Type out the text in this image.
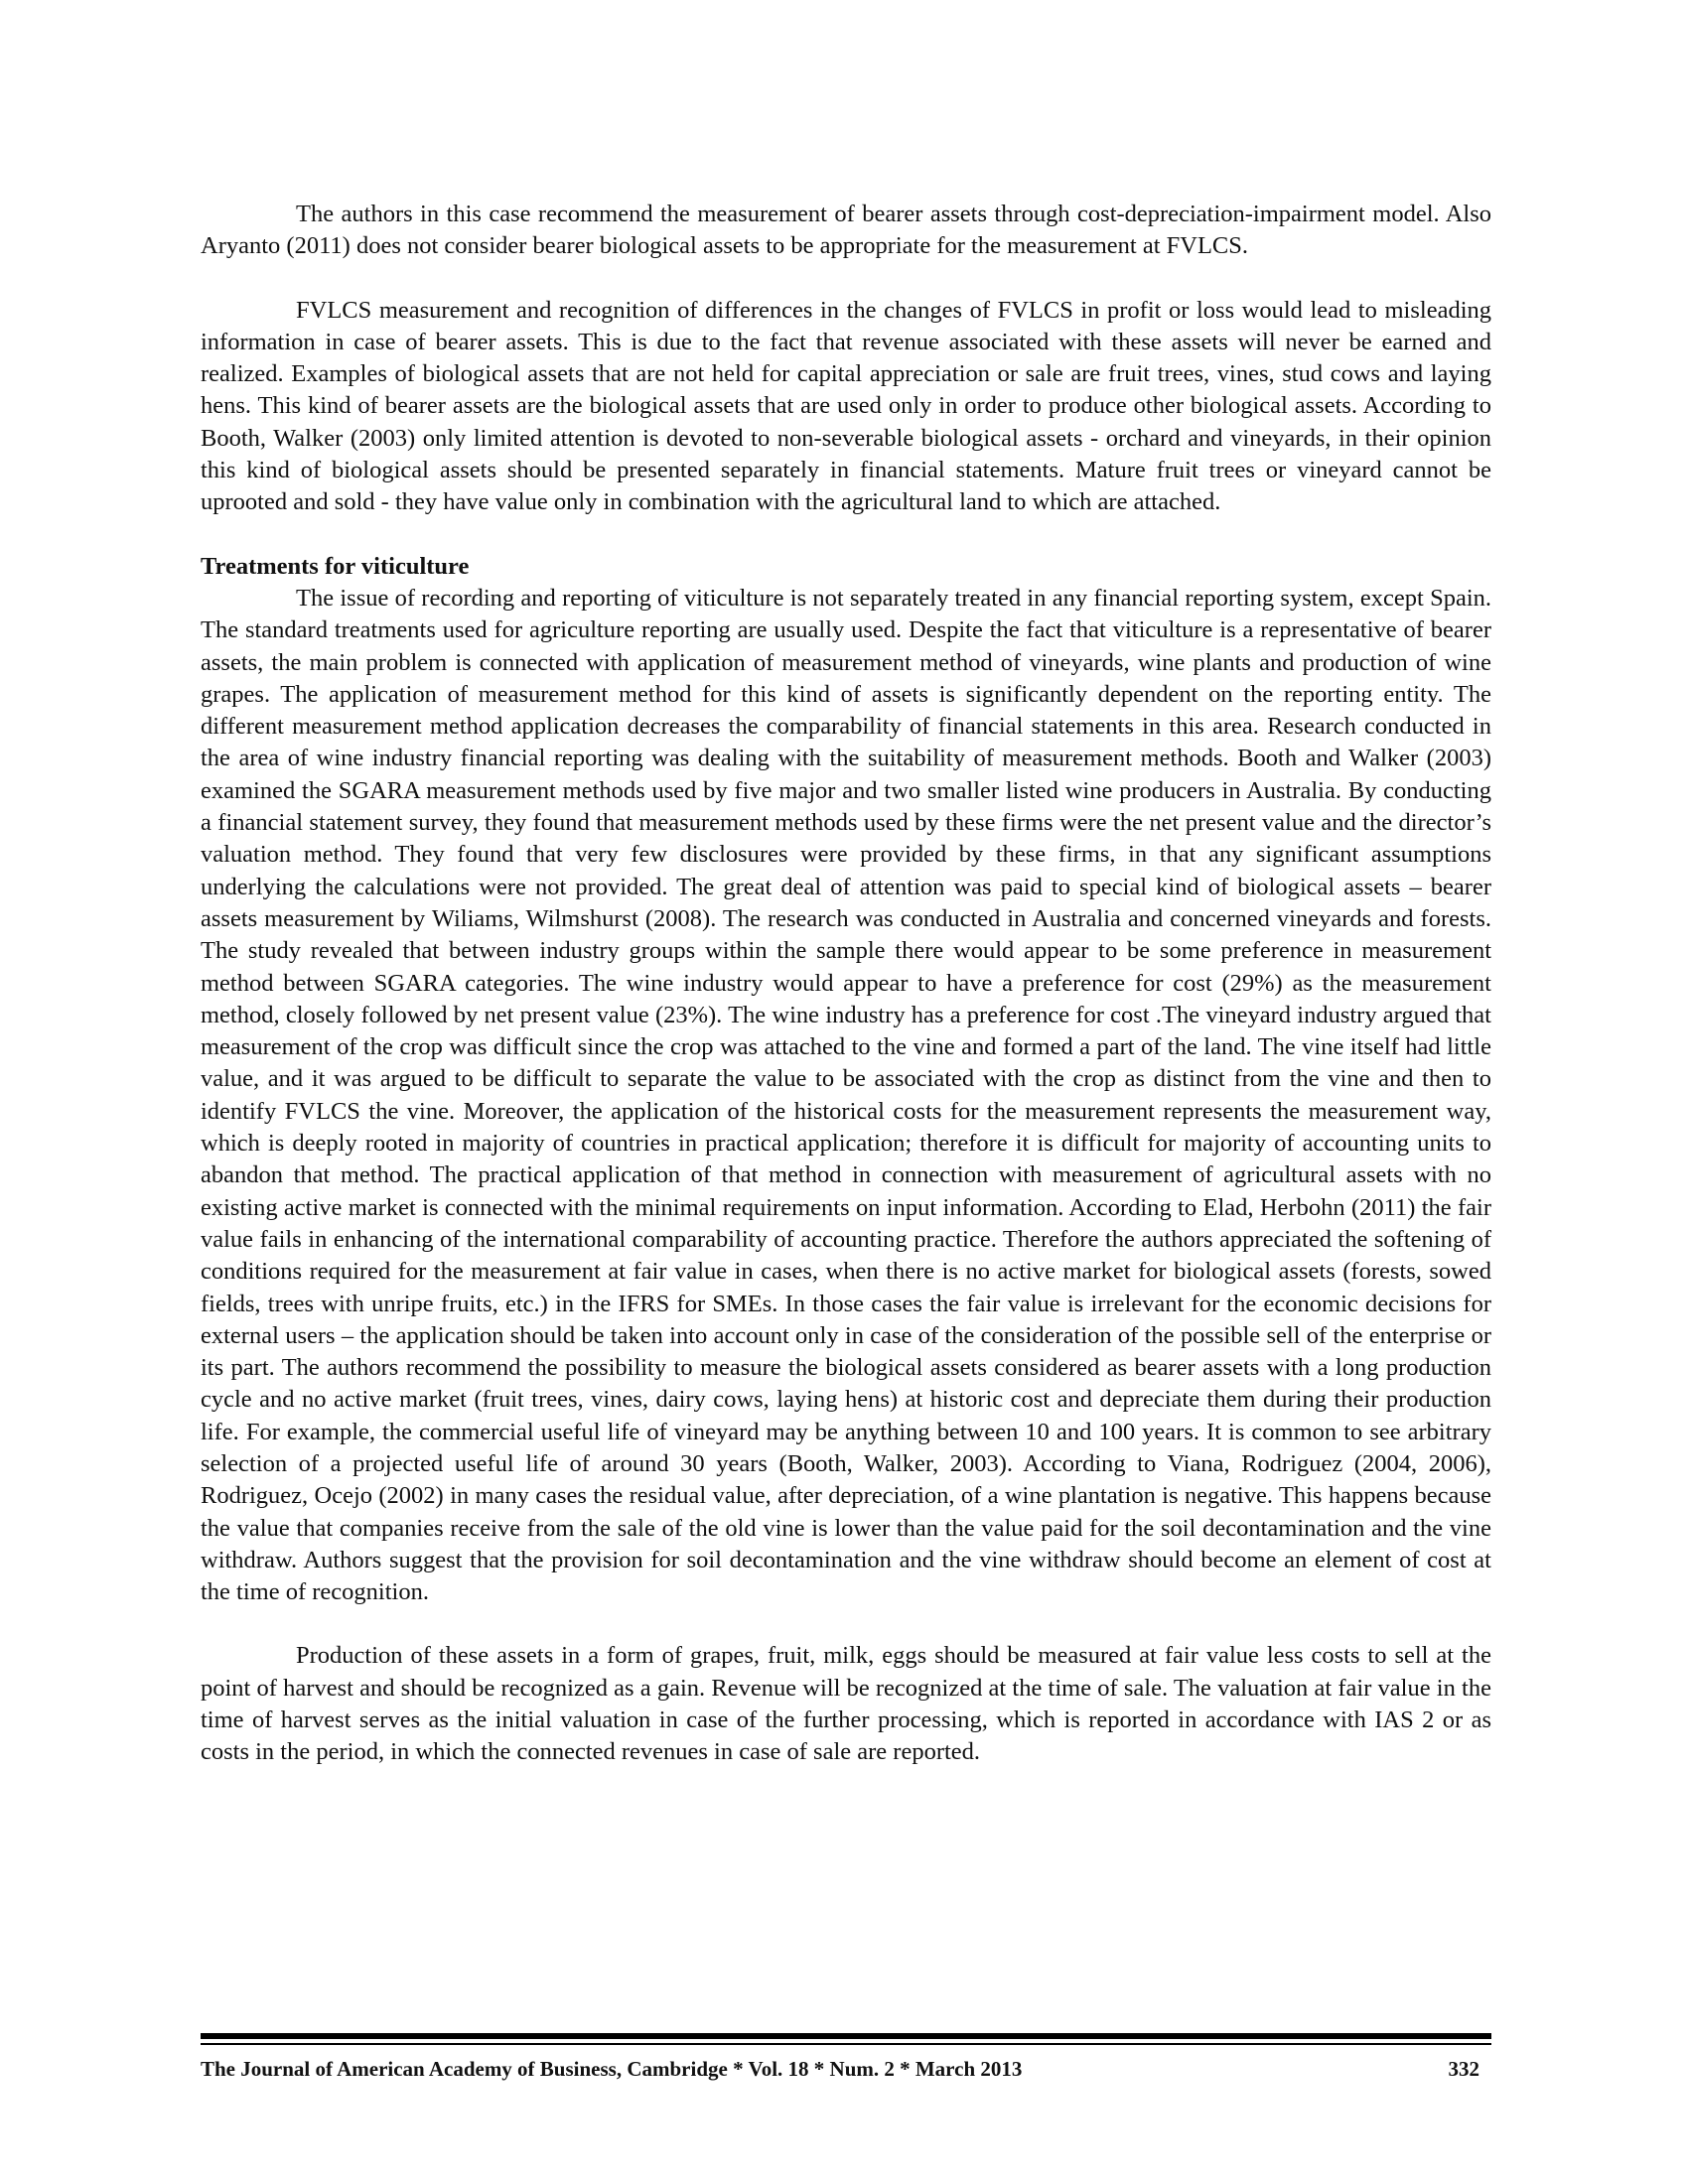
The authors in this case recommend the measurement of bearer assets through cost-depreciation-impairment model. Also Aryanto (2011) does not consider bearer biological assets to be appropriate for the measurement at FVLCS.

FVLCS measurement and recognition of differences in the changes of FVLCS in profit or loss would lead to misleading information in case of bearer assets. This is due to the fact that revenue associated with these assets will never be earned and realized. Examples of biological assets that are not held for capital appreciation or sale are fruit trees, vines, stud cows and laying hens. This kind of bearer assets are the biological assets that are used only in order to produce other biological assets. According to Booth, Walker (2003) only limited attention is devoted to non-severable biological assets - orchard and vineyards, in their opinion this kind of biological assets should be presented separately in financial statements. Mature fruit trees or vineyard cannot be uprooted and sold - they have value only in combination with the agricultural land to which are attached.

Treatments for viticulture

The issue of recording and reporting of viticulture is not separately treated in any financial reporting system, except Spain. The standard treatments used for agriculture reporting are usually used. Despite the fact that viticulture is a representative of bearer assets, the main problem is connected with application of measurement method of vineyards, wine plants and production of wine grapes. The application of measurement method for this kind of assets is significantly dependent on the reporting entity. The different measurement method application decreases the comparability of financial statements in this area. Research conducted in the area of wine industry financial reporting was dealing with the suitability of measurement methods. Booth and Walker (2003) examined the SGARA measurement methods used by five major and two smaller listed wine producers in Australia. By conducting a financial statement survey, they found that measurement methods used by these firms were the net present value and the director’s valuation method. They found that very few disclosures were provided by these firms, in that any significant assumptions underlying the calculations were not provided. The great deal of attention was paid to special kind of biological assets – bearer assets measurement by Wiliams, Wilmshurst (2008). The research was conducted in Australia and concerned vineyards and forests. The study revealed that between industry groups within the sample there would appear to be some preference in measurement method between SGARA categories. The wine industry would appear to have a preference for cost (29%) as the measurement method, closely followed by net present value (23%). The wine industry has a preference for cost .The vineyard industry argued that measurement of the crop was difficult since the crop was attached to the vine and formed a part of the land. The vine itself had little value, and it was argued to be difficult to separate the value to be associated with the crop as distinct from the vine and then to identify FVLCS the vine. Moreover, the application of the historical costs for the measurement represents the measurement way, which is deeply rooted in majority of countries in practical application; therefore it is difficult for majority of accounting units to abandon that method. The practical application of that method in connection with measurement of agricultural assets with no existing active market is connected with the minimal requirements on input information. According to Elad, Herbohn (2011) the fair value fails in enhancing of the international comparability of accounting practice. Therefore the authors appreciated the softening of conditions required for the measurement at fair value in cases, when there is no active market for biological assets (forests, sowed fields, trees with unripe fruits, etc.) in the IFRS for SMEs. In those cases the fair value is irrelevant for the economic decisions for external users – the application should be taken into account only in case of the consideration of the possible sell of the enterprise or its part. The authors recommend the possibility to measure the biological assets considered as bearer assets with a long production cycle and no active market (fruit trees, vines, dairy cows, laying hens) at historic cost and depreciate them during their production life. For example, the commercial useful life of vineyard may be anything between 10 and 100 years. It is common to see arbitrary selection of a projected useful life of around 30 years (Booth, Walker, 2003). According to Viana, Rodriguez (2004, 2006), Rodriguez, Ocejo (2002) in many cases the residual value, after depreciation, of a wine plantation is negative. This happens because the value that companies receive from the sale of the old vine is lower than the value paid for the soil decontamination and the vine withdraw. Authors suggest that the provision for soil decontamination and the vine withdraw should become an element of cost at the time of recognition.

Production of these assets in a form of grapes, fruit, milk, eggs should be measured at fair value less costs to sell at the point of harvest and should be recognized as a gain. Revenue will be recognized at the time of sale. The valuation at fair value in the time of harvest serves as the initial valuation in case of the further processing, which is reported in accordance with IAS 2 or as costs in the period, in which the connected revenues in case of sale are reported.

The Journal of American Academy of Business, Cambridge * Vol. 18 * Num. 2 * March 2013	332
